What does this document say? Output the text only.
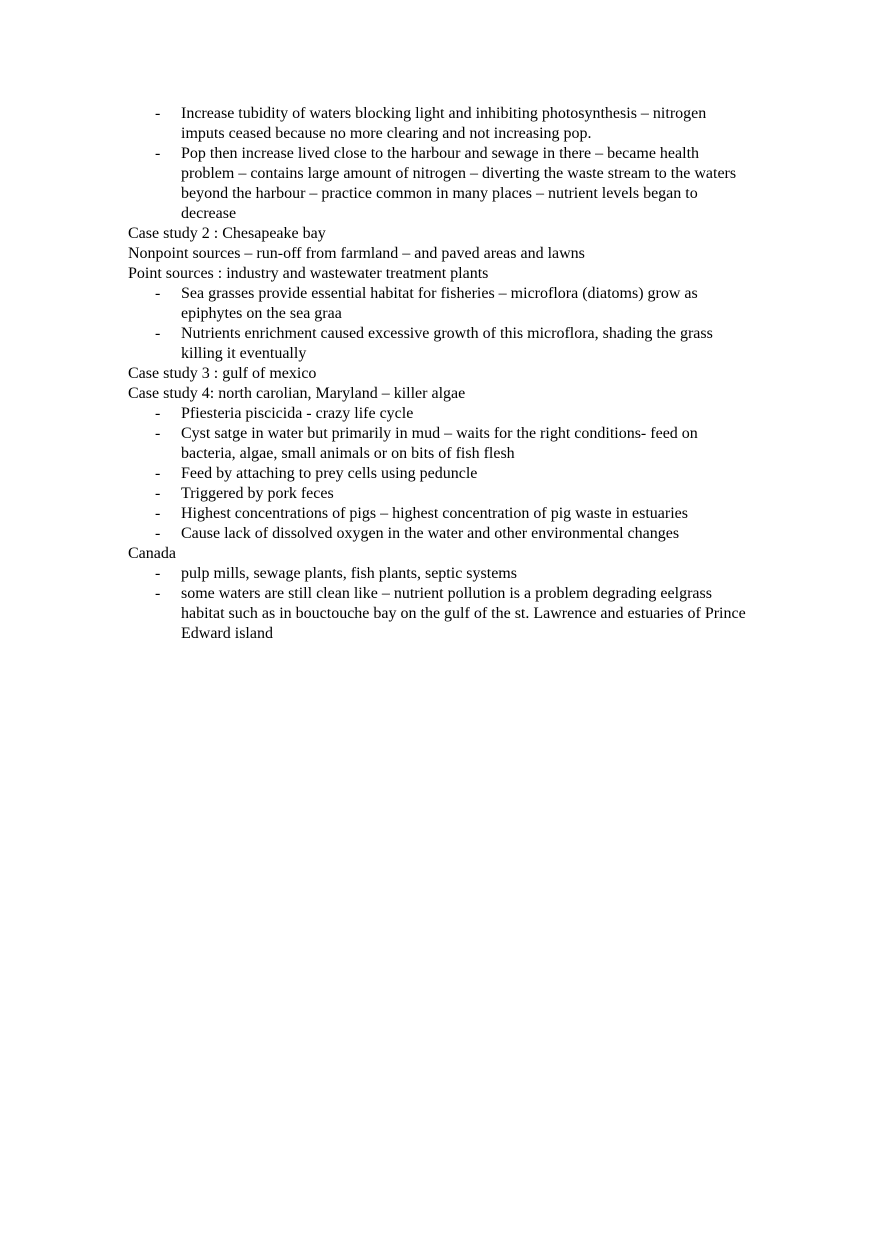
-	Increase tubidity of waters blocking light and inhibiting photosynthesis – nitrogen imputs ceased because no more clearing and not increasing pop.
-	Pop then increase lived close to the harbour and sewage in there – became health problem – contains large amount of nitrogen – diverting the waste stream to the waters beyond the harbour – practice common in many places – nutrient levels began to decrease
Case study 2 : Chesapeake bay
Nonpoint sources – run-off from farmland – and paved areas and lawns
Point sources : industry and wastewater treatment plants
-	Sea grasses provide essential habitat for fisheries – microflora (diatoms) grow as epiphytes on the sea graa
-	Nutrients enrichment caused excessive growth of this microflora, shading the grass killing it eventually
Case study 3 : gulf of mexico
Case study 4: north carolian, Maryland – killer algae
-	Pfiesteria piscicida - crazy life cycle
-	Cyst satge in water but primarily in mud – waits for the right conditions- feed on bacteria, algae, small animals or on bits of fish flesh
-	Feed by attaching to prey cells using peduncle
-	Triggered by pork feces
-	Highest concentrations of pigs – highest concentration of pig waste in estuaries
-	Cause lack of dissolved oxygen in the water and other environmental changes
Canada
-	pulp mills, sewage plants, fish plants, septic systems
-	some waters are still clean like – nutrient pollution is a problem degrading eelgrass habitat such as in bouctouche bay on the gulf of the st. Lawrence and estuaries of Prince Edward island
